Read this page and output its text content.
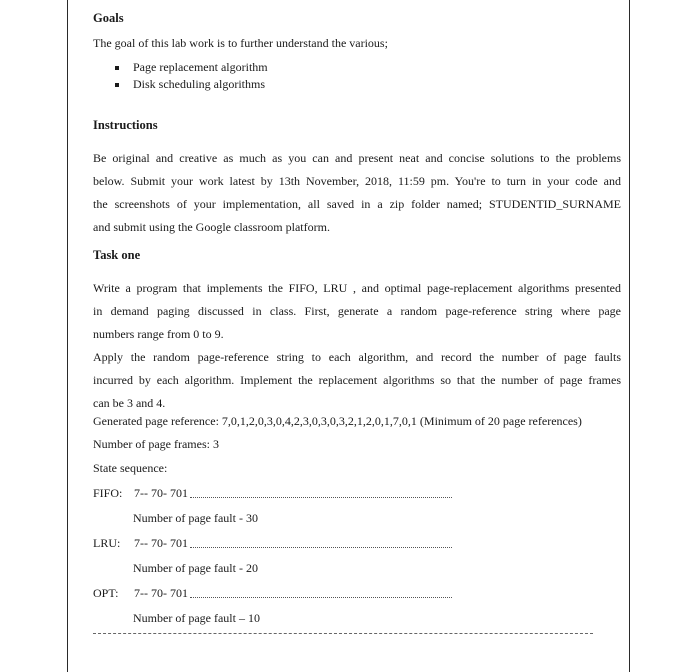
Goals
The goal of this lab work is to further understand the various;
Page replacement algorithm
Disk scheduling algorithms
Instructions
Be original and creative as much as you can and present neat and concise solutions to the problems
below. Submit your work latest by 13th November, 2018, 11:59 pm. You're to turn in your code and
the screenshots of your implementation, all saved in a zip folder named; STUDENTID_SURNAME
and submit using the Google classroom platform.
Task one
Write a program that implements the FIFO, LRU , and optimal page-replacement algorithms presented
in demand paging discussed in class. First, generate a random page-reference string where page
numbers range from 0 to 9.
Apply the random page-reference string to each algorithm, and record the number of page faults
incurred by each algorithm. Implement the replacement algorithms so that the number of page frames
can be 3 and 4.
Generated page reference: 7,0,1,2,0,3,0,4,2,3,0,3,0,3,2,1,2,0,1,7,0,1 (Minimum of 20 page references)
Number of page frames: 3
State sequence:
FIFO: 7-- 70- 701
Number of page fault - 30
LRU: 7-- 70- 701
Number of page fault - 20
OPT: 7-- 70- 701
Number of page fault – 10
